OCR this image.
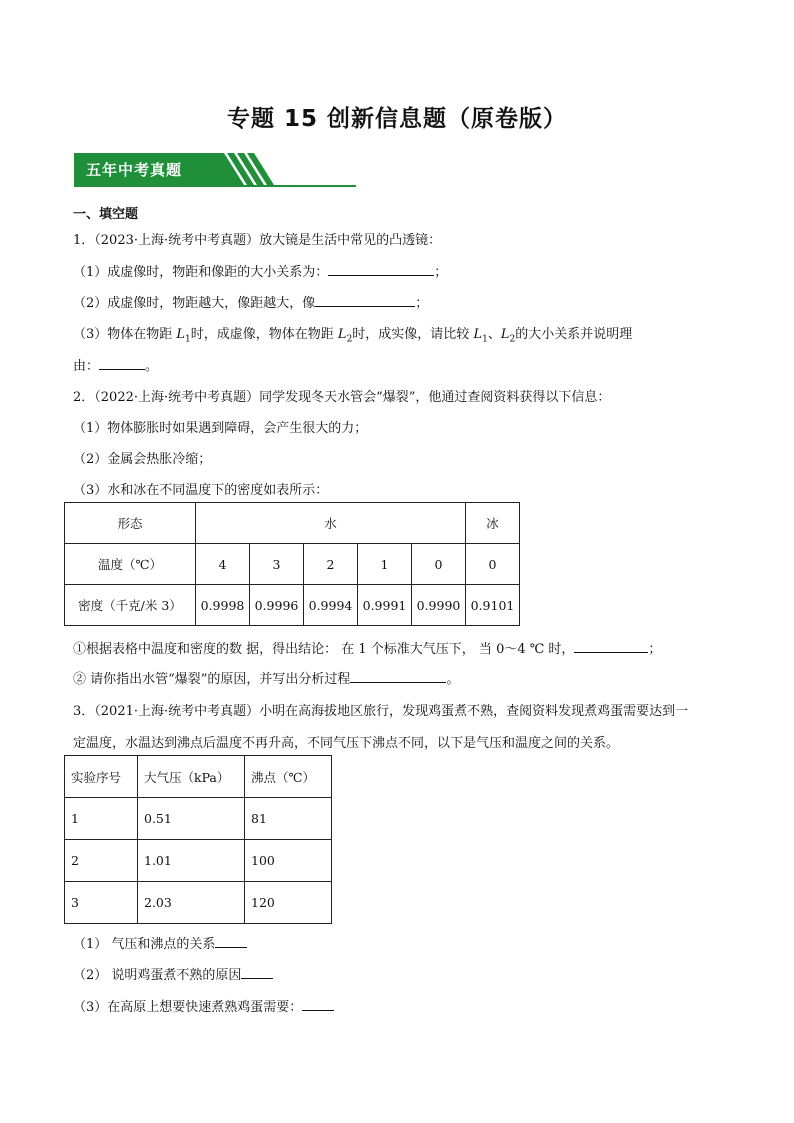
专题 15 创新信息题（原卷版）
五年中考真题
一、填空题
1．（2023·上海·统考中考真题）放大镜是生活中常见的凸透镜：
（1）成虚像时，物距和像距的大小关系为：	；
（2）成虚像时，物距越大，像距越大，像	；
（3）物体在物距 $L_1$时，成虚像，物体在物距 $L_2$时，成实像，请比较 $L_1$、$L_2$的大小关系并说明理
由：	。
2．（2022·上海·统考中考真题）同学发现冬天水管会“爆裂”，他通过查阅资料获得以下信息：
（1）物体膨胀时如果遇到障碍，会产生很大的力；
（2）金属会热胀冷缩；
（3）水和冰在不同温度下的密度如表所示：
形态	水					冰
温度（℃）	4	3	2	1	0	0
密度（千克/米 3）	0.9998	0.9996	0.9994	0.9991	0.9990	0.9101
①根据表格中温度和密度的数 据，得出结论： 在 1 个标准大气压下， 当 0～4 ℃ 时，	；
② 请你指出水管“爆裂”的原因，并写出分析过程	。
3．（2021·上海·统考中考真题）小明在高海拔地区旅行，发现鸡蛋煮不熟，查阅资料发现煮鸡蛋需要达到一
定温度，水温达到沸点后温度不再升高，不同气压下沸点不同，以下是气压和温度之间的关系。
实验序号	大气压（kPa）	沸点（℃）
1	0.51	81
2	1.01	100
3	2.03	120
（1） 气压和沸点的关系
（2） 说明鸡蛋煮不熟的原因
（3）在高原上想要快速煮熟鸡蛋需要：
